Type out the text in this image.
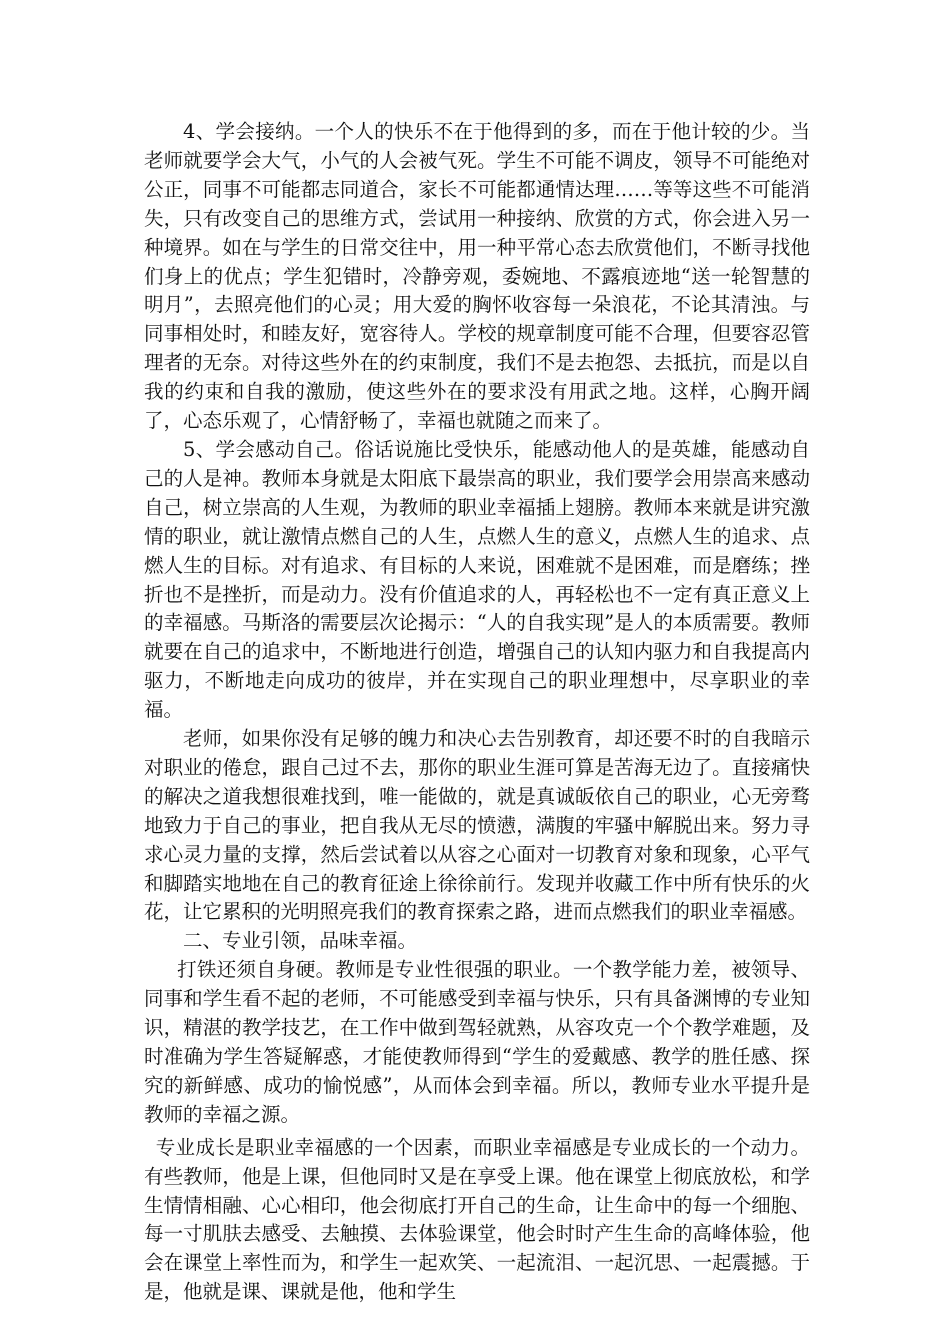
4、学会接纳。一个人的快乐不在于他得到的多，而在于他计较的少。当老师就要学会大气，小气的人会被气死。学生不可能不调皮，领导不可能绝对公正，同事不可能都志同道合，家长不可能都通情达理……等等这些不可能消失，只有改变自己的思维方式，尝试用一种接纳、欣赏的方式，你会进入另一种境界。如在与学生的日常交往中，用一种平常心态去欣赏他们，不断寻找他们身上的优点；学生犯错时，冷静旁观，委婉地、不露痕迹地“送一轮智慧的明月”，去照亮他们的心灵；用大爱的胸怀收容每一朵浪花，不论其清浊。与同事相处时，和睦友好，宽容待人。学校的规章制度可能不合理，但要容忍管理者的无奈。对待这些外在的约束制度，我们不是去抱怨、去抵抗，而是以自我的约束和自我的激励，使这些外在的要求没有用武之地。这样，心胸开阔了，心态乐观了，心情舒畅了，幸福也就随之而来了。

5、学会感动自己。俗话说施比受快乐，能感动他人的是英雄，能感动自己的人是神。教师本身就是太阳底下最崇高的职业，我们要学会用崇高来感动自己，树立崇高的人生观，为教师的职业幸福插上翅膀。教师本来就是讲究激情的职业，就让激情点燃自己的人生，点燃人生的意义，点燃人生的追求、点燃人生的目标。对有追求、有目标的人来说，困难就不是困难，而是磨练；挫折也不是挫折，而是动力。没有价值追求的人，再轻松也不一定有真正意义上的幸福感。马斯洛的需要层次论揭示：“人的自我实现”是人的本质需要。教师就要在自己的追求中，不断地进行创造，增强自己的认知内驱力和自我提高内驱力，不断地走向成功的彼岸，并在实现自己的职业理想中，尽享职业的幸福。

老师，如果你没有足够的魄力和决心去告别教育，却还要不时的自我暗示对职业的倦怠，跟自己过不去，那你的职业生涯可算是苦海无边了。直接痛快的解决之道我想很难找到，唯一能做的，就是真诚皈依自己的职业，心无旁骛地致力于自己的事业，把自我从无尽的愤懑，满腹的牢骚中解脱出来。努力寻求心灵力量的支撑，然后尝试着以从容之心面对一切教育对象和现象，心平气和脚踏实地地在自己的教育征途上徐徐前行。发现并收藏工作中所有快乐的火花，让它累积的光明照亮我们的教育探索之路，进而点燃我们的职业幸福感。

二、专业引领，品味幸福。

打铁还须自身硬。教师是专业性很强的职业。一个教学能力差，被领导、同事和学生看不起的老师，不可能感受到幸福与快乐，只有具备渊博的专业知识，精湛的教学技艺，在工作中做到驾轻就熟，从容攻克一个个教学难题，及时准确为学生答疑解惑，才能使教师得到“学生的爱戴感、教学的胜任感、探究的新鲜感、成功的愉悦感”，从而体会到幸福。所以，教师专业水平提升是教师的幸福之源。

专业成长是职业幸福感的一个因素，而职业幸福感是专业成长的一个动力。有些教师，他是上课，但他同时又是在享受上课。他在课堂上彻底放松，和学生情情相融、心心相印，他会彻底打开自己的生命，让生命中的每一个细胞、每一寸肌肤去感受、去触摸、去体验课堂，他会时时产生生命的高峰体验，他会在课堂上率性而为，和学生一起欢笑、一起流泪、一起沉思、一起震撼。于是，他就是课、课就是他，他和学生
